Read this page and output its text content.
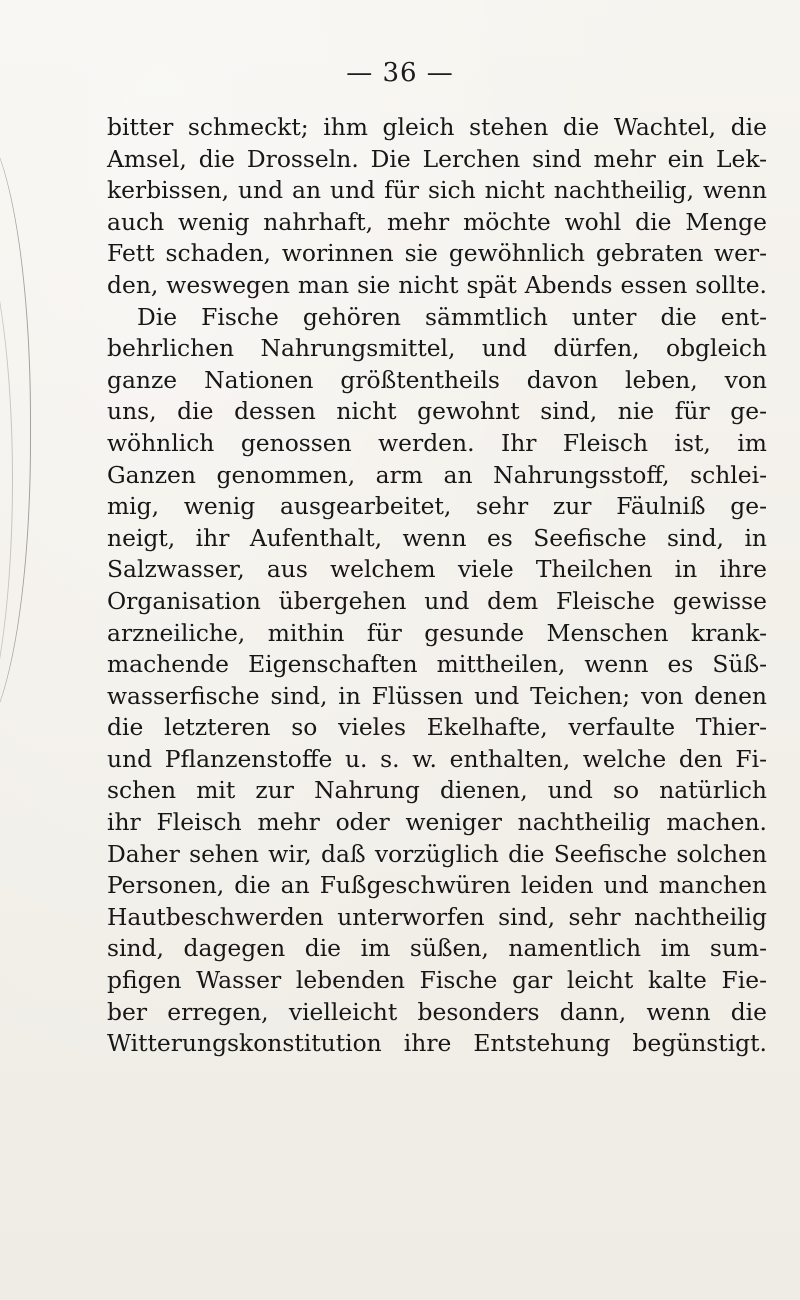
— 36 —
bitter schmeckt; ihm gleich stehen die Wachtel, die
Amsel, die Drosseln. Die Lerchen sind mehr ein Lek-
kerbissen, und an und für sich nicht nachtheilig, wenn
auch wenig nahrhaft, mehr möchte wohl die Menge
Fett schaden, worinnen sie gewöhnlich gebraten wer-
den, weswegen man sie nicht spät Abends essen sollte.
Die Fische gehören sämmtlich unter die ent-
behrlichen Nahrungsmittel, und dürfen, obgleich
ganze Nationen größtentheils davon leben, von
uns, die dessen nicht gewohnt sind, nie für ge-
wöhnlich genossen werden. Ihr Fleisch ist, im
Ganzen genommen, arm an Nahrungsstoff, schlei-
mig, wenig ausgearbeitet, sehr zur Fäulniß ge-
neigt, ihr Aufenthalt, wenn es Seefische sind, in
Salzwasser, aus welchem viele Theilchen in ihre
Organisation übergehen und dem Fleische gewisse
arzneiliche, mithin für gesunde Menschen krank-
machende Eigenschaften mittheilen, wenn es Süß-
wasserfische sind, in Flüssen und Teichen; von denen
die letzteren so vieles Ekelhafte, verfaulte Thier-
und Pflanzenstoffe u. s. w. enthalten, welche den Fi-
schen mit zur Nahrung dienen, und so natürlich
ihr Fleisch mehr oder weniger nachtheilig machen.
Daher sehen wir, daß vorzüglich die Seefische solchen
Personen, die an Fußgeschwüren leiden und manchen
Hautbeschwerden unterworfen sind, sehr nachtheilig
sind, dagegen die im süßen, namentlich im sum-
pfigen Wasser lebenden Fische gar leicht kalte Fie-
ber erregen, vielleicht besonders dann, wenn die
Witterungskonstitution ihre Entstehung begünstigt.
